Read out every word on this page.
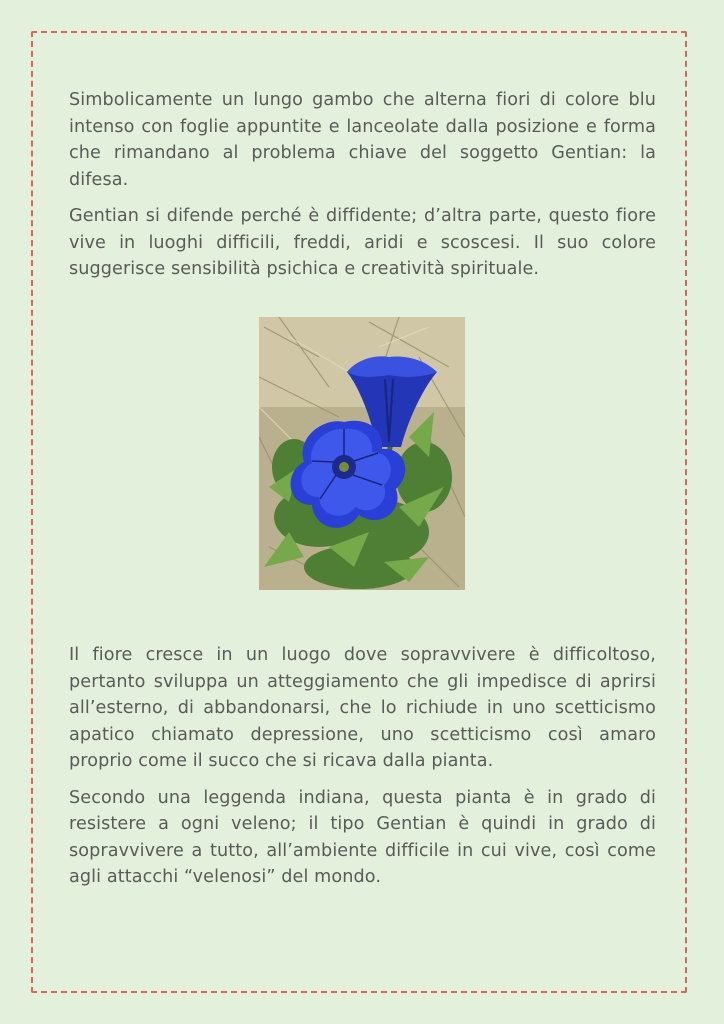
Simbolicamente un lungo gambo che alterna fiori di colore blu intenso con foglie appuntite e lanceolate dalla posizione e forma che rimandano al problema chiave del soggetto Gentian: la difesa.

Gentian si difende perché è diffidente; d’altra parte, questo fiore vive in luoghi difficili, freddi, aridi e scoscesi. Il suo colore suggerisce sensibilità psichica e creatività spirituale.

Il fiore cresce in un luogo dove sopravvivere è difficoltoso, pertanto sviluppa un atteggiamento che gli impedisce di aprirsi all’esterno, di abbandonarsi, che lo richiude in uno scetticismo apatico chiamato depressione, uno scetticismo così amaro proprio come il succo che si ricava dalla pianta.

Secondo una leggenda indiana, questa pianta è in grado di resistere a ogni veleno; il tipo Gentian è quindi in grado di sopravvivere a tutto, all’ambiente difficile in cui vive, così come agli attacchi “velenosi” del mondo.
